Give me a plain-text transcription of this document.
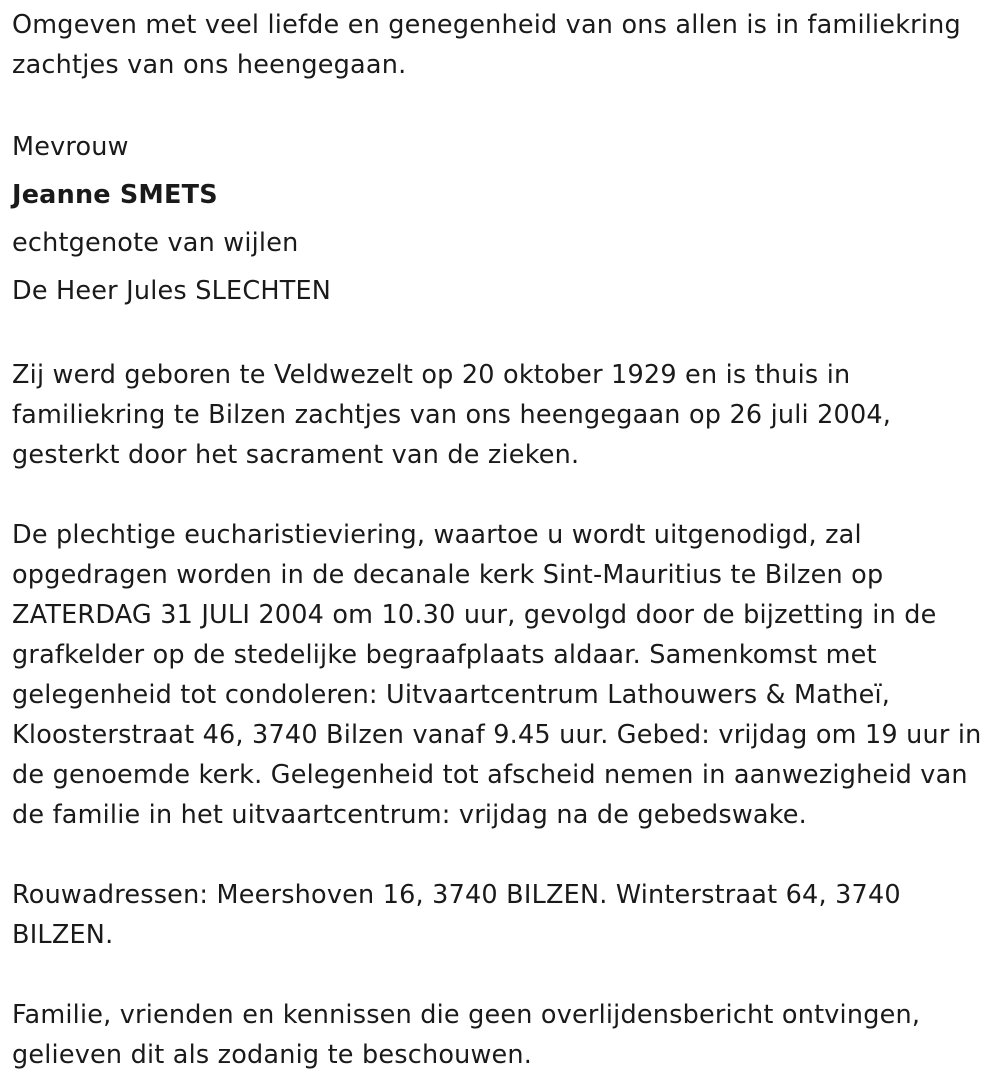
Omgeven met veel liefde en genegenheid van ons allen is in familiekring zachtjes van ons heengegaan.

Mevrouw
Jeanne SMETS
echtgenote van wijlen
De Heer Jules SLECHTEN

Zij werd geboren te Veldwezelt op 20 oktober 1929 en is thuis in familiekring te Bilzen zachtjes van ons heengegaan op 26 juli 2004, gesterkt door het sacrament van de zieken.

De plechtige eucharistieviering, waartoe u wordt uitgenodigd, zal opgedragen worden in de decanale kerk Sint-Mauritius te Bilzen op ZATERDAG 31 JULI 2004 om 10.30 uur, gevolgd door de bijzetting in de grafkelder op de stedelijke begraafplaats aldaar. Samenkomst met gelegenheid tot condoleren: Uitvaartcentrum Lathouwers & Matheï, Kloosterstraat 46, 3740 Bilzen vanaf 9.45 uur. Gebed: vrijdag om 19 uur in de genoemde kerk. Gelegenheid tot afscheid nemen in aanwezigheid van de familie in het uitvaartcentrum: vrijdag na de gebedswake.

Rouwadressen: Meershoven 16, 3740 BILZEN. Winterstraat 64, 3740 BILZEN.

Familie, vrienden en kennissen die geen overlijdensbericht ontvingen, gelieven dit als zodanig te beschouwen.
